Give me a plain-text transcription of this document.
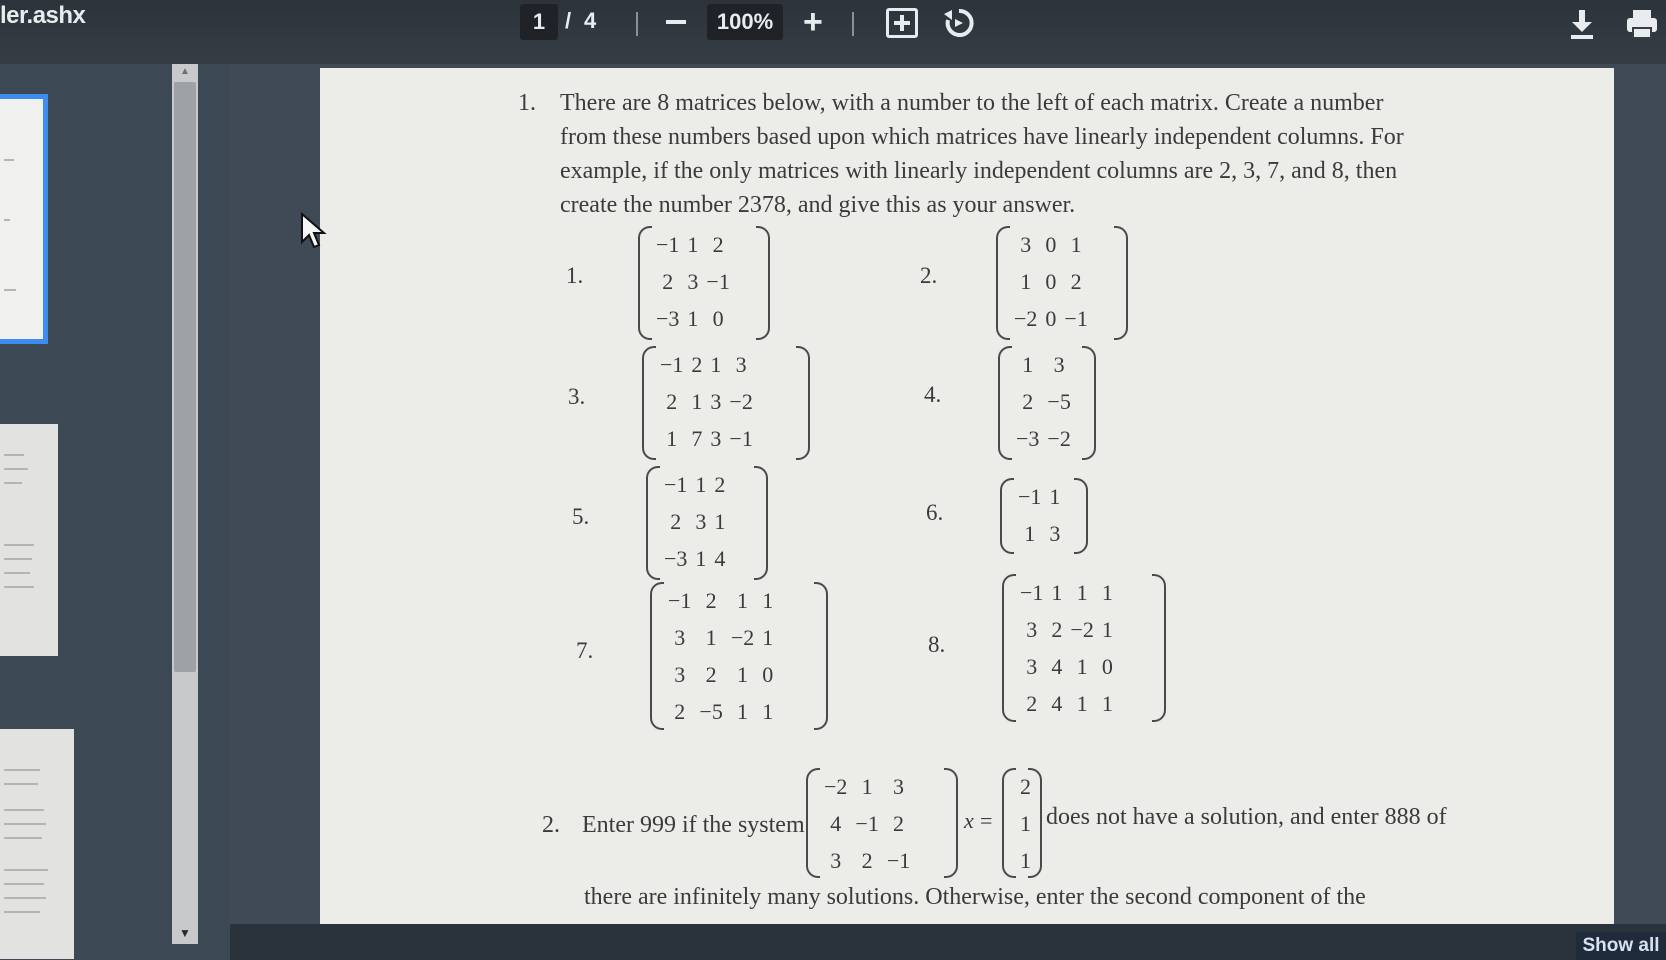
ler.ashx	1 / 4	100% +
▲
▼
1. There are 8 matrices below, with a number to the left of each matrix. Create a number
from these numbers based upon which matrices have linearly independent columns. For
example, if the only matrices with linearly independent columns are 2, 3, 7, and 8, then
create the number 2378, and give this as your answer.
1.
−1	1	2
2	3	−1
−3	1	0
2.
3	0	1
1	0	2
−2	0	−1
3.
−1	2	1	3
2	1	3	−2
1	7	3	−1
4.
1	3
2	−5
−3	−2
5.
−1	1	2
2	3	1
−3	1	4
6.
−1	1
1	3
7.
−1	2	1	1
3	1	−2	1
3	2	1	0
2	−5	1	1
8.
−1	1	1	1
3	2	−2	1
3	4	1	0
2	4	1	1
2. Enter 999 if the system
−2	1	3
4	−1	2
3	2	−1
x =
2
1
1
does not have a solution, and enter 888 of
there are infinitely many solutions. Otherwise, enter the second component of the
Show all
